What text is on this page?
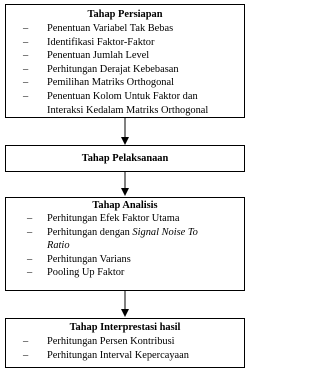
Tahap Persiapan
– Penentuan Variabel Tak Bebas
– Identifikasi Faktor-Faktor
– Penentuan Jumlah Level
– Perhitungan Derajat Kebebasan
– Pemilihan Matriks Orthogonal
– Penentuan Kolom Untuk Faktor dan
Interaksi Kedalam Matriks Orthogonal
Tahap Pelaksanaan
Tahap Analisis
– Perhitungan Efek Faktor Utama
– Perhitungan dengan Signal Noise To
Ratio
– Perhitungan Varians
– Pooling Up Faktor
Tahap Interprestasi hasil
– Perhitungan Persen Kontribusi
– Perhitungan Interval Kepercayaan
